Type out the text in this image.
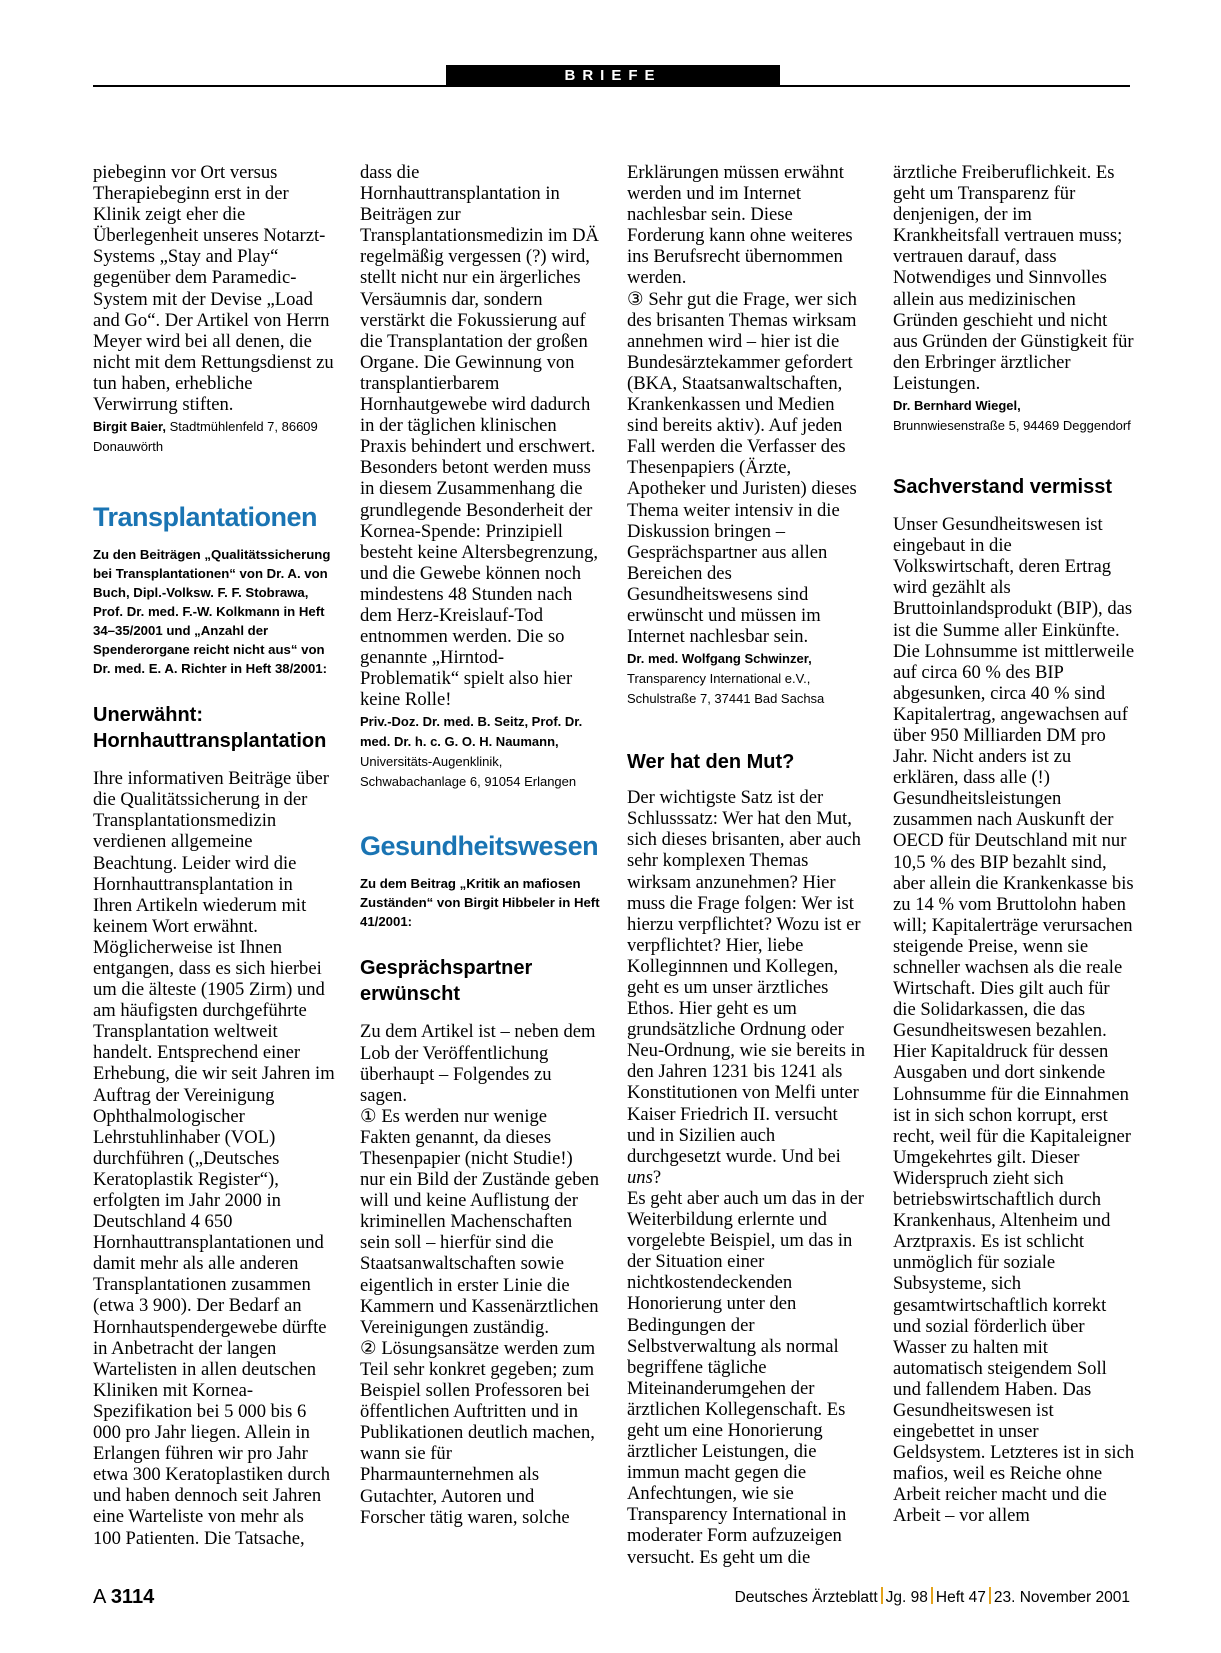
BRIEFE

piebeginn vor Ort versus Therapiebeginn erst in der Klinik zeigt eher die Überlegenheit unseres Notarzt-Systems „Stay and Play“ gegenüber dem Paramedic-System mit der Devise „Load and Go“. Der Artikel von Herrn Meyer wird bei all denen, die nicht mit dem Rettungsdienst zu tun haben, erhebliche Verwirrung stiften.

Birgit Baier, Stadtmühlenfeld 7, 86609 Donauwörth

Transplantationen

Zu den Beiträgen „Qualitätssicherung bei Transplantationen“ von Dr. A. von Buch, Dipl.-Volksw. F. F. Stobrawa, Prof. Dr. med. F.-W. Kolkmann in Heft 34–35/2001 und „Anzahl der Spenderorgane reicht nicht aus“ von Dr. med. E. A. Richter in Heft 38/2001:

Unerwähnt: Hornhauttransplantation

Ihre informativen Beiträge über die Qualitätssicherung in der Transplantationsmedizin verdienen allgemeine Beachtung. Leider wird die Hornhauttransplantation in Ihren Artikeln wiederum mit keinem Wort erwähnt. Möglicherweise ist Ihnen entgangen, dass es sich hierbei um die älteste (1905 Zirm) und am häufigsten durchgeführte Transplantation weltweit handelt. Entsprechend einer Erhebung, die wir seit Jahren im Auftrag der Vereinigung Ophthalmologischer Lehrstuhlinhaber (VOL) durchführen („Deutsches Keratoplastik Register“), erfolgten im Jahr 2000 in Deutschland 4 650 Hornhauttransplantationen und damit mehr als alle anderen Transplantationen zusammen (etwa 3 900). Der Bedarf an Hornhautspendergewebe dürfte in Anbetracht der langen Wartelisten in allen deutschen Kliniken mit Kornea-Spezifikation bei 5 000 bis 6 000 pro Jahr liegen. Allein in Erlangen führen wir pro Jahr etwa 300 Keratoplastiken durch und haben dennoch seit Jahren eine Warteliste von mehr als 100 Patienten. Die Tatsache,

dass die Hornhauttransplantation in Beiträgen zur Transplantationsmedizin im DÄ regelmäßig vergessen (?) wird, stellt nicht nur ein ärgerliches Versäumnis dar, sondern verstärkt die Fokussierung auf die Transplantation der großen Organe. Die Gewinnung von transplantierbarem Hornhautgewebe wird dadurch in der täglichen klinischen Praxis behindert und erschwert. Besonders betont werden muss in diesem Zusammenhang die grundlegende Besonderheit der Kornea-Spende: Prinzipiell besteht keine Altersbegrenzung, und die Gewebe können noch mindestens 48 Stunden nach dem Herz-Kreislauf-Tod entnommen werden. Die so genannte „Hirntod-Problematik“ spielt also hier keine Rolle!

Priv.-Doz. Dr. med. B. Seitz, Prof. Dr. med. Dr. h. c. G. O. H. Naumann, Universitäts-Augenklinik, Schwabachanlage 6, 91054 Erlangen

Gesundheitswesen

Zu dem Beitrag „Kritik an mafiosen Zuständen“ von Birgit Hibbeler in Heft 41/2001:

Gesprächspartner erwünscht

Zu dem Artikel ist – neben dem Lob der Veröffentlichung überhaupt – Folgendes zu sagen.

① Es werden nur wenige Fakten genannt, da dieses Thesenpapier (nicht Studie!) nur ein Bild der Zustände geben will und keine Auflistung der kriminellen Machenschaften sein soll – hierfür sind die Staatsanwaltschaften sowie eigentlich in erster Linie die Kammern und Kassenärztlichen Vereinigungen zuständig.

② Lösungsansätze werden zum Teil sehr konkret gegeben; zum Beispiel sollen Professoren bei öffentlichen Auftritten und in Publikationen deutlich machen, wann sie für Pharmaunternehmen als Gutachter, Autoren und Forscher tätig waren, solche

Erklärungen müssen erwähnt werden und im Internet nachlesbar sein. Diese Forderung kann ohne weiteres ins Berufsrecht übernommen werden.

③ Sehr gut die Frage, wer sich des brisanten Themas wirksam annehmen wird – hier ist die Bundesärztekammer gefordert (BKA, Staatsanwaltschaften, Krankenkassen und Medien sind bereits aktiv). Auf jeden Fall werden die Verfasser des Thesenpapiers (Ärzte, Apotheker und Juristen) dieses Thema weiter intensiv in die Diskussion bringen – Gesprächspartner aus allen Bereichen des Gesundheitswesens sind erwünscht und müssen im Internet nachlesbar sein.

Dr. med. Wolfgang Schwinzer, Transparency International e.V., Schulstraße 7, 37441 Bad Sachsa

Wer hat den Mut?

Der wichtigste Satz ist der Schlusssatz: Wer hat den Mut, sich dieses brisanten, aber auch sehr komplexen Themas wirksam anzunehmen? Hier muss die Frage folgen: Wer ist hierzu verpflichtet? Wozu ist er verpflichtet? Hier, liebe Kolleginnnen und Kollegen, geht es um unser ärztliches Ethos. Hier geht es um grundsätzliche Ordnung oder Neu-Ordnung, wie sie bereits in den Jahren 1231 bis 1241 als Konstitutionen von Melfi unter Kaiser Friedrich II. versucht und in Sizilien auch durchgesetzt wurde. Und bei uns?

Es geht aber auch um das in der Weiterbildung erlernte und vorgelebte Beispiel, um das in der Situation einer nichtkostendeckenden Honorierung unter den Bedingungen der Selbstverwaltung als normal begriffene tägliche Miteinanderumgehen der ärztlichen Kollegenschaft. Es geht um eine Honorierung ärztlicher Leistungen, die immun macht gegen die Anfechtungen, wie sie Transparency International in moderater Form aufzuzeigen versucht. Es geht um die

ärztliche Freiberuflichkeit. Es geht um Transparenz für denjenigen, der im Krankheitsfall vertrauen muss; vertrauen darauf, dass Notwendiges und Sinnvolles allein aus medizinischen Gründen geschieht und nicht aus Gründen der Günstigkeit für den Erbringer ärztlicher Leistungen.

Dr. Bernhard Wiegel, Brunnwiesenstraße 5, 94469 Deggendorf

Sachverstand vermisst

Unser Gesundheitswesen ist eingebaut in die Volkswirtschaft, deren Ertrag wird gezählt als Bruttoinlandsprodukt (BIP), das ist die Summe aller Einkünfte. Die Lohnsumme ist mittlerweile auf circa 60 % des BIP abgesunken, circa 40 % sind Kapitalertrag, angewachsen auf über 950 Milliarden DM pro Jahr. Nicht anders ist zu erklären, dass alle (!) Gesundheitsleistungen zusammen nach Auskunft der OECD für Deutschland mit nur 10,5 % des BIP bezahlt sind, aber allein die Krankenkasse bis zu 14 % vom Bruttolohn haben will; Kapitalerträge verursachen steigende Preise, wenn sie schneller wachsen als die reale Wirtschaft. Dies gilt auch für die Solidarkassen, die das Gesundheitswesen bezahlen. Hier Kapitaldruck für dessen Ausgaben und dort sinkende Lohnsumme für die Einnahmen ist in sich schon korrupt, erst recht, weil für die Kapitaleigner Umgekehrtes gilt. Dieser Widerspruch zieht sich betriebswirtschaftlich durch Krankenhaus, Altenheim und Arztpraxis. Es ist schlicht unmöglich für soziale Subsysteme, sich gesamtwirtschaftlich korrekt und sozial förderlich über Wasser zu halten mit automatisch steigendem Soll und fallendem Haben. Das Gesundheitswesen ist eingebettet in unser Geldsystem. Letzteres ist in sich mafios, weil es Reiche ohne Arbeit reicher macht und die Arbeit – vor allem

A 3114	Deutsches Ärzteblatt Jg. 98 Heft 47 23. November 2001
